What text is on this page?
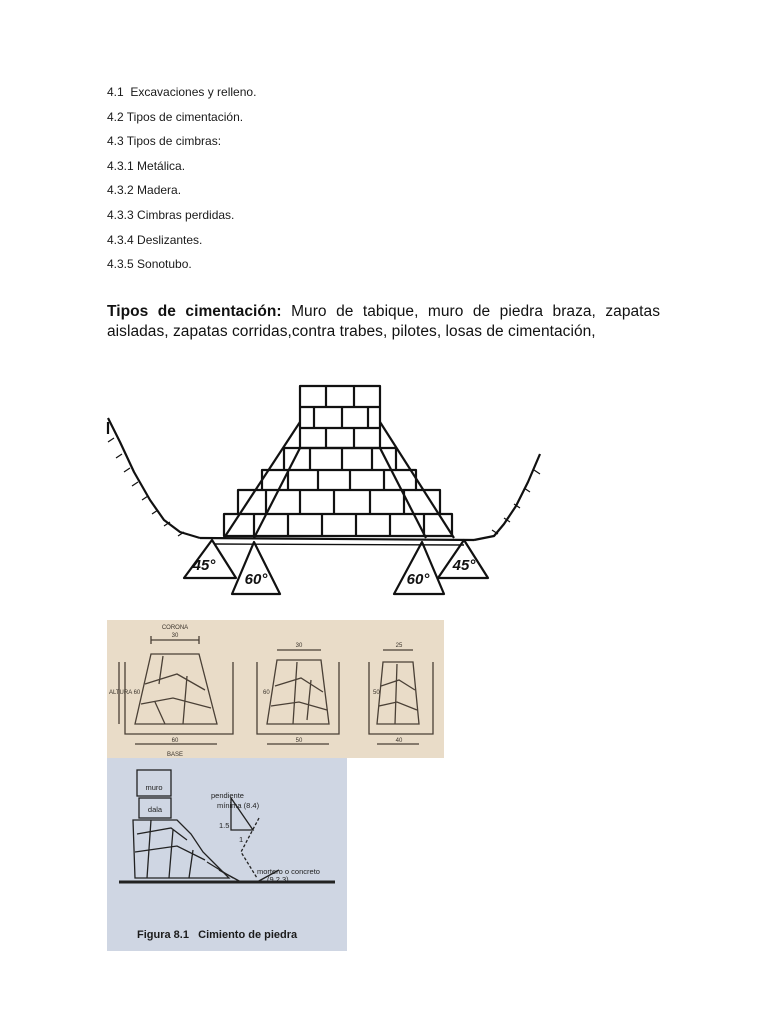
4.1  Excavaciones y relleno.
4.2 Tipos de cimentación.
4.3 Tipos de cimbras:
4.3.1 Metálica.
4.3.2 Madera.
4.3.3 Cimbras perdidas.
4.3.4 Deslizantes.
4.3.5 Sonotubo.

Tipos de cimentación: Muro de tabique, muro de piedra braza, zapatas aisladas, zapatas corridas,contra trabes, pilotes, losas de cimentación,

45°
60°	60°
45°
CORONA
30
ALTURA 60
BASE
60
30
60
50
25
50
40
muro
dala
pendiente
mínima (8.4)
1.5
1
mortero o concreto
(9.2.3)
Figura 8.1   Cimiento de piedra
